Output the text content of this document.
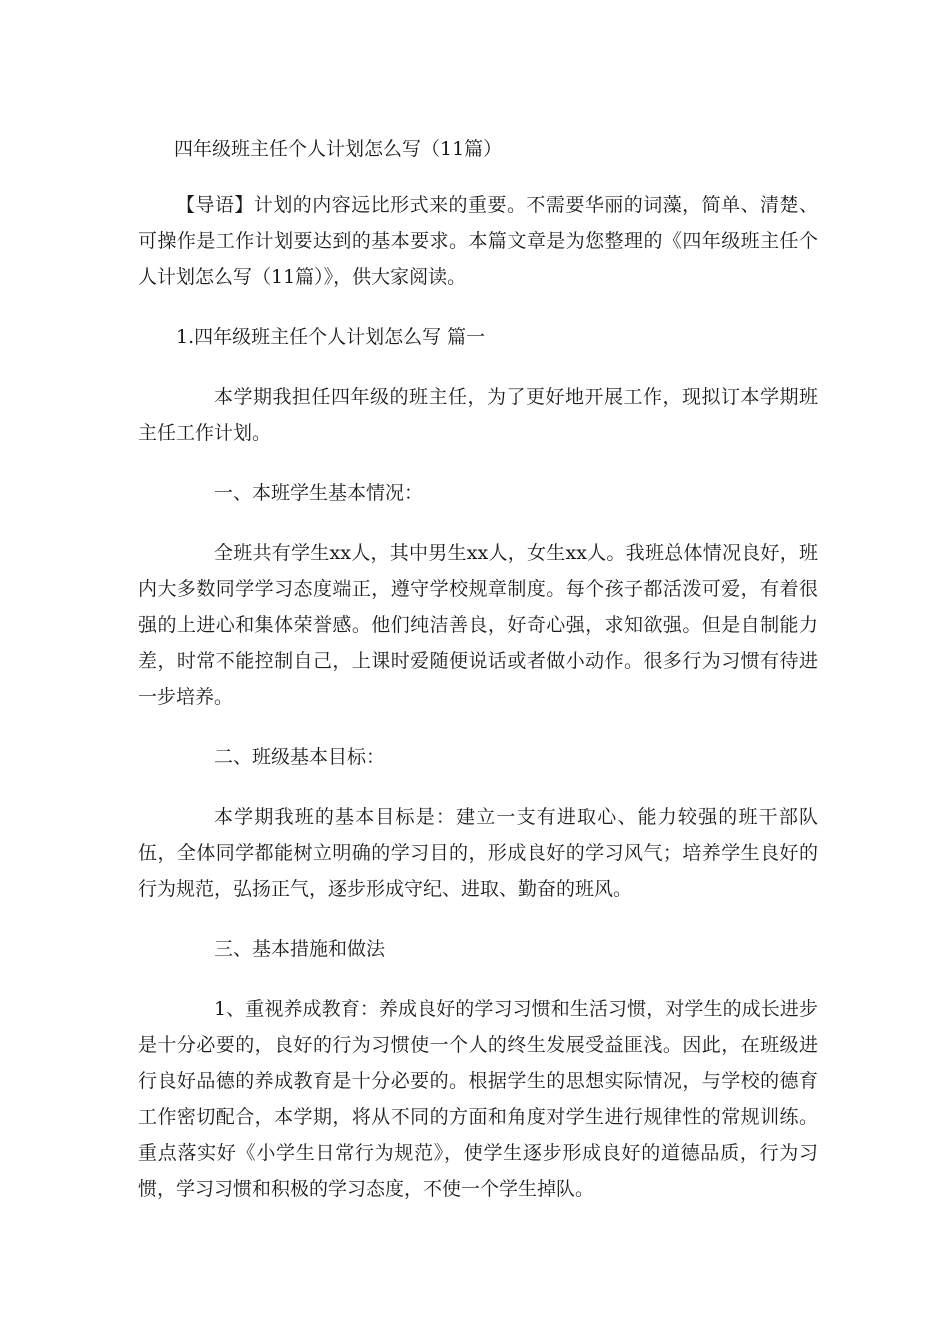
四年级班主任个人计划怎么写（11篇）

【导语】计划的内容远比形式来的重要。不需要华丽的词藻，简单、清楚、可操作是工作计划要达到的基本要求。本篇文章是为您整理的《四年级班主任个人计划怎么写（11篇）》，供大家阅读。

1.四年级班主任个人计划怎么写 篇一

本学期我担任四年级的班主任，为了更好地开展工作，现拟订本学期班主任工作计划。

一、本班学生基本情况：

全班共有学生xx人，其中男生xx人，女生xx人。我班总体情况良好，班内大多数同学学习态度端正，遵守学校规章制度。每个孩子都活泼可爱，有着很强的上进心和集体荣誉感。他们纯洁善良，好奇心强，求知欲强。但是自制能力差，时常不能控制自己，上课时爱随便说话或者做小动作。很多行为习惯有待进一步培养。

二、班级基本目标：

本学期我班的基本目标是：建立一支有进取心、能力较强的班干部队伍，全体同学都能树立明确的学习目的，形成良好的学习风气；培养学生良好的行为规范，弘扬正气，逐步形成守纪、进取、勤奋的班风。

三、基本措施和做法

1、重视养成教育：养成良好的学习习惯和生活习惯，对学生的成长进步是十分必要的，良好的行为习惯使一个人的终生发展受益匪浅。因此，在班级进行良好品德的养成教育是十分必要的。根据学生的思想实际情况，与学校的德育工作密切配合，本学期，将从不同的方面和角度对学生进行规律性的常规训练。重点落实好《小学生日常行为规范》，使学生逐步形成良好的道德品质，行为习惯，学习习惯和积极的学习态度，不使一个学生掉队。
